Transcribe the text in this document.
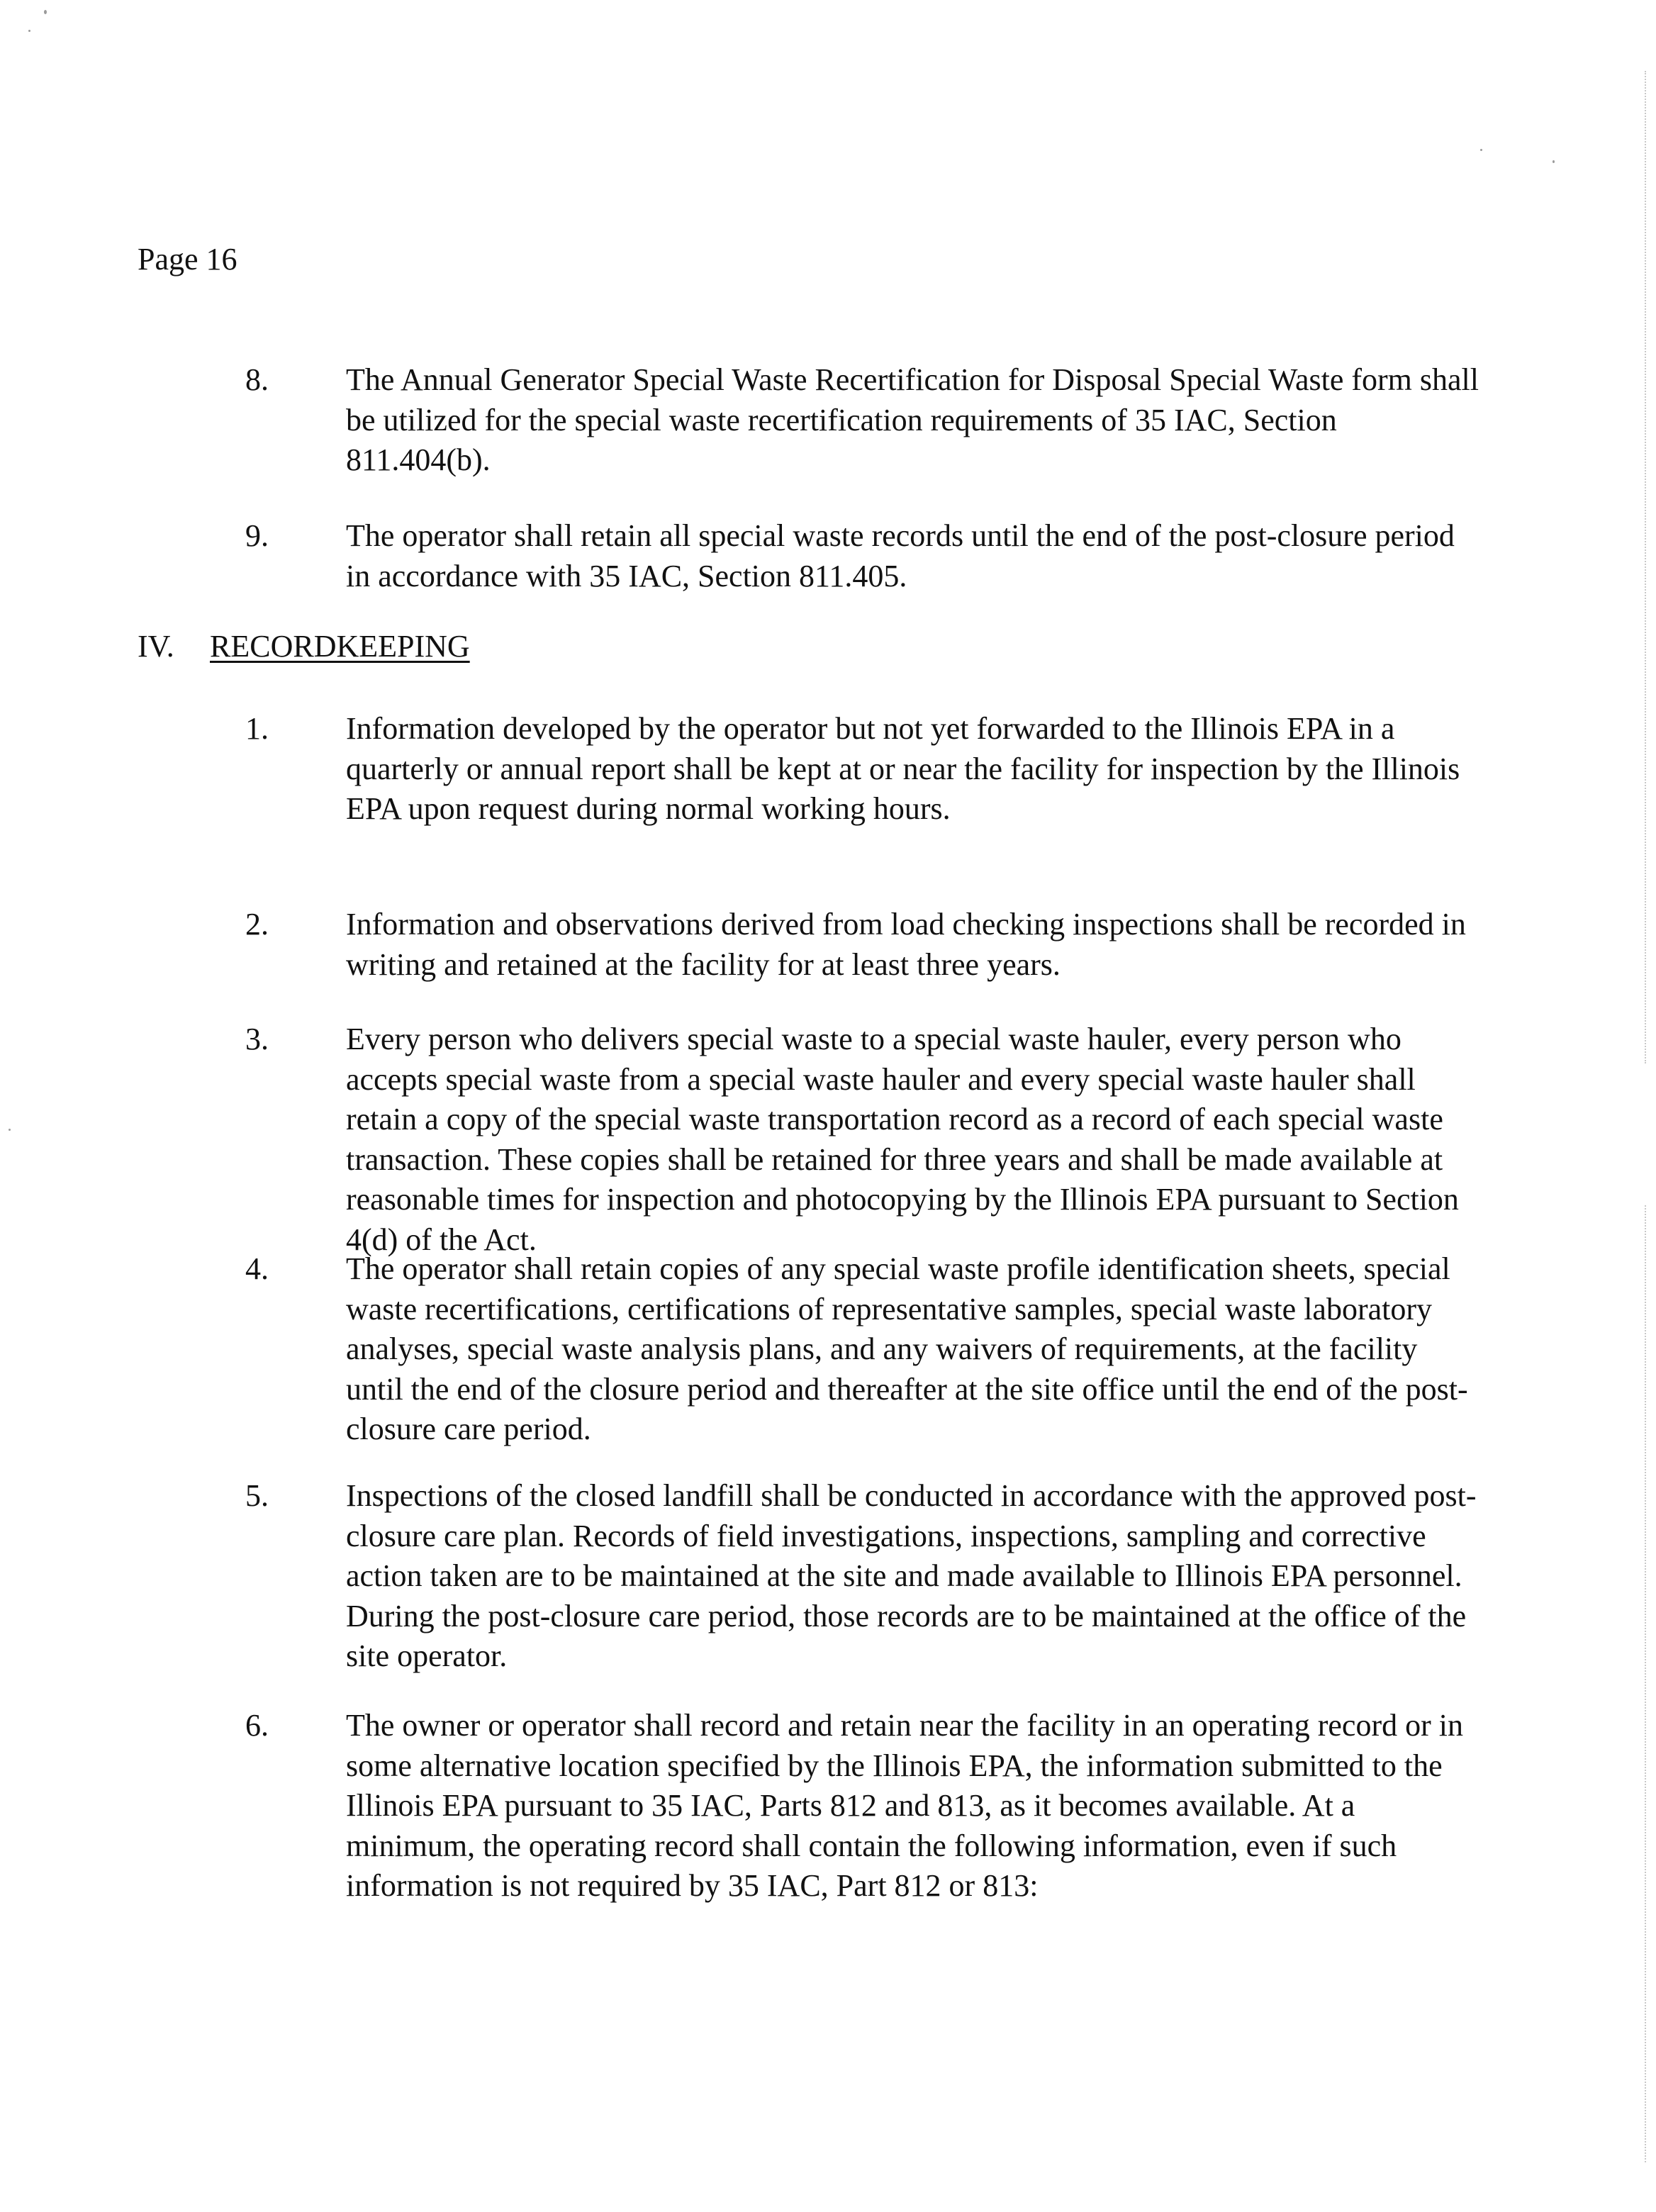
Page 16
8. The Annual Generator Special Waste Recertification for Disposal Special Waste form shall be utilized for the special waste recertification requirements of 35 IAC, Section 811.404(b).
9. The operator shall retain all special waste records until the end of the post-closure period in accordance with 35 IAC, Section 811.405.
IV. RECORDKEEPING
1. Information developed by the operator but not yet forwarded to the Illinois EPA in a quarterly or annual report shall be kept at or near the facility for inspection by the Illinois EPA upon request during normal working hours.
2. Information and observations derived from load checking inspections shall be recorded in writing and retained at the facility for at least three years.
3. Every person who delivers special waste to a special waste hauler, every person who accepts special waste from a special waste hauler and every special waste hauler shall retain a copy of the special waste transportation record as a record of each special waste transaction. These copies shall be retained for three years and shall be made available at reasonable times for inspection and photocopying by the Illinois EPA pursuant to Section 4(d) of the Act.
4. The operator shall retain copies of any special waste profile identification sheets, special waste recertifications, certifications of representative samples, special waste laboratory analyses, special waste analysis plans, and any waivers of requirements, at the facility until the end of the closure period and thereafter at the site office until the end of the post-closure care period.
5. Inspections of the closed landfill shall be conducted in accordance with the approved post-closure care plan. Records of field investigations, inspections, sampling and corrective action taken are to be maintained at the site and made available to Illinois EPA personnel. During the post-closure care period, those records are to be maintained at the office of the site operator.
6. The owner or operator shall record and retain near the facility in an operating record or in some alternative location specified by the Illinois EPA, the information submitted to the Illinois EPA pursuant to 35 IAC, Parts 812 and 813, as it becomes available. At a minimum, the operating record shall contain the following information, even if such information is not required by 35 IAC, Part 812 or 813:
